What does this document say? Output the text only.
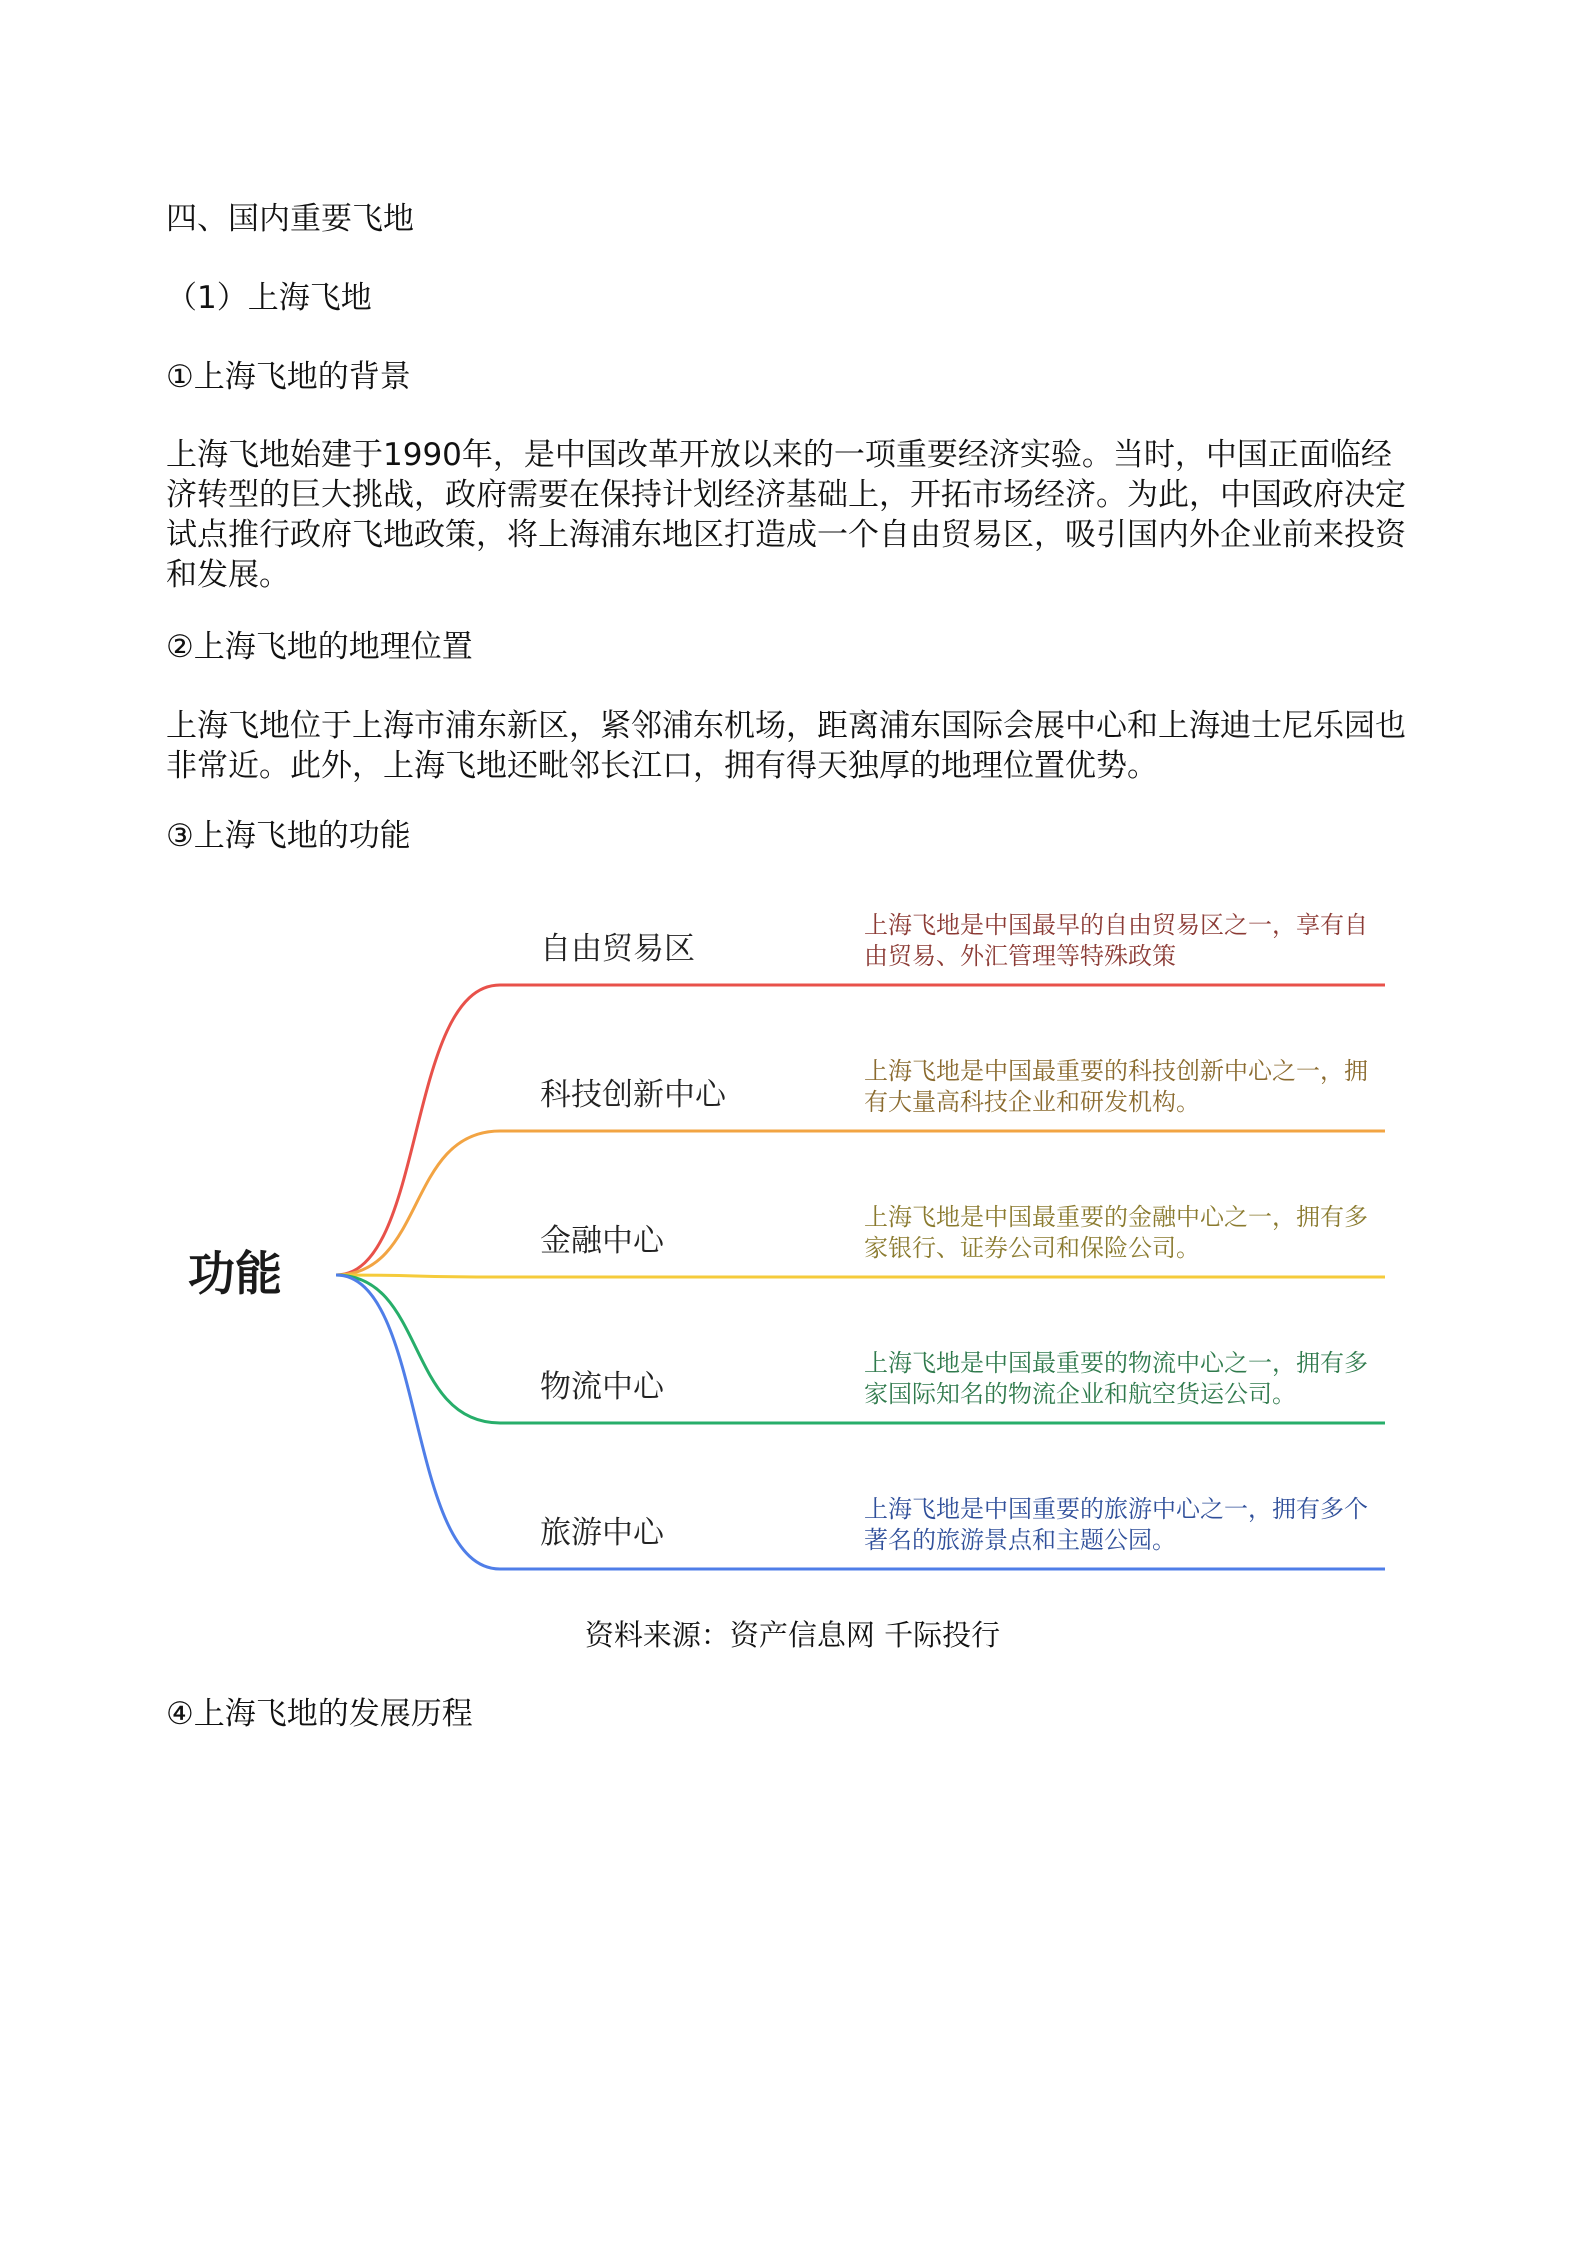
四、国内重要飞地
（1）上海飞地
①上海飞地的背景
上海飞地始建于1990年，是中国改革开放以来的一项重要经济实验。当时，中国正面临经
济转型的巨大挑战，政府需要在保持计划经济基础上，开拓市场经济。为此，中国政府决定
试点推行政府飞地政策，将上海浦东地区打造成一个自由贸易区，吸引国内外企业前来投资
和发展。
②上海飞地的地理位置
上海飞地位于上海市浦东新区，紧邻浦东机场，距离浦东国际会展中心和上海迪士尼乐园也
非常近。此外，上海飞地还毗邻长江口，拥有得天独厚的地理位置优势。
③上海飞地的功能
功能
自由贸易区
上海飞地是中国最早的自由贸易区之一，享有自
由贸易、外汇管理等特殊政策
科技创新中心
上海飞地是中国最重要的科技创新中心之一，拥
有大量高科技企业和研发机构。
金融中心
上海飞地是中国最重要的金融中心之一，拥有多
家银行、证券公司和保险公司。
物流中心
上海飞地是中国最重要的物流中心之一，拥有多
家国际知名的物流企业和航空货运公司。
旅游中心
上海飞地是中国重要的旅游中心之一，拥有多个
著名的旅游景点和主题公园。

资料来源：资产信息网 千际投行

④上海飞地的发展历程
